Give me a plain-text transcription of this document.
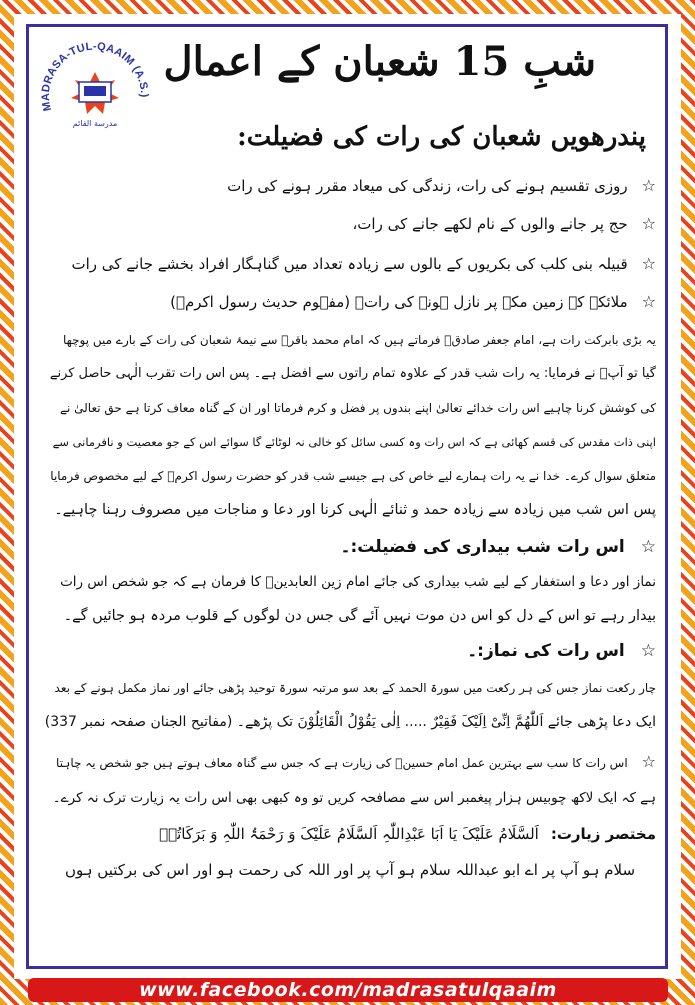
MADRASA-TUL-QAAIM (A.S.)
مدرسة القائم
شبِ 15 شعبان کے اعمال
پندرھویں شعبان کی رات کی فضیلت:
☆روزی تقسیم ہونے کی رات، زندگی کی میعاد مقرر ہونے کی رات
☆حج پر جانے والوں کے نام لکھے جانے کی رات،
☆قبیلہ بنی کلب کی بکریوں کے بالوں سے زیادہ تعداد میں گناہگار افراد بخشے جانے کی رات
☆ملائکہ کے زمین مکہ پر نازل ہونے کی رات۔ (مفہوم حدیث رسول اکرمؐ)
یہ بڑی بابرکت رات ہے، امام جعفر صادقؑ فرماتے ہیں کہ امام محمد باقرؑ سے نیمۂ شعبان کی رات کے بارے میں پوچھا
گیا تو آپؑ نے فرمایا: یہ رات شب قدر کے علاوہ تمام راتوں سے افضل ہے۔ پس اس رات تقرب الٰہی حاصل کرنے
کی کوشش کرنا چاہیے اس رات خدائے تعالیٰ اپنے بندوں پر فضل و کرم فرماتا اور ان کے گناہ معاف کرتا ہے حق تعالیٰ نے
اپنی ذات مقدس کی قسم کھائی ہے کہ اس رات وہ کسی سائل کو خالی نہ لوٹائے گا سوائے اس کے جو معصیت و نافرمانی سے
متعلق سوال کرے۔ خدا نے یہ رات ہمارے لیے خاص کی ہے جیسے شب قدر کو حضرت رسول اکرمؐ کے لیے مخصوص فرمایا
پس اس شب میں زیادہ سے زیادہ حمد و ثنائے الٰہی کرنا اور دعا و مناجات میں مصروف رہنا چاہیے۔
☆اس رات شب بیداری کی فضیلت:۔
نماز اور دعا و استغفار کے لیے شب بیداری کی جائے امام زین العابدینؑ کا فرمان ہے کہ جو شخص اس رات
بیدار رہے تو اس کے دل کو اس دن موت نہیں آئے گی جس دن لوگوں کے قلوب مردہ ہو جائیں گے۔
☆اس رات کی نماز:۔
چار رکعت نماز جس کی ہر رکعت میں سورۃ الحمد کے بعد سو مرتبہ سورۃ توحید پڑھی جائے اور نماز مکمل ہونے کے بعد
ایک دعا پڑھی جائے اَللّٰھُمَّ اِنِّیْ اِلَیْکَ فَقِیْرٌ ..... اِلٰی یَقُوْلُ الْقَائِلُوْنَ تک پڑھے۔ (مفاتیح الجنان صفحہ نمبر 337)
☆اس رات کا سب سے بہترین عمل امام حسینؑ کی زیارت ہے کہ جس سے گناہ معاف ہوتے ہیں جو شخص یہ چاہتا
ہے کہ ایک لاکھ چوبیس ہزار پیغمبر اس سے مصافحہ کریں تو وہ کبھی بھی اس رات یہ زیارت ترک نہ کرے۔
مختصر زیارت:اَلسَّلَامُ عَلَیْکَ یَا اَبَا عَبْدِاللّٰہِ اَلسَّلَامُ عَلَیْکَ وَ رَحْمَۃُ اللّٰہِ وَ بَرَکَاتُہٗ
سلام ہو آپ پر اے ابو عبداللہ سلام ہو آپ پر اور اللہ کی رحمت ہو اور اس کی برکتیں ہوں
www.facebook.com/madrasatulqaaim
